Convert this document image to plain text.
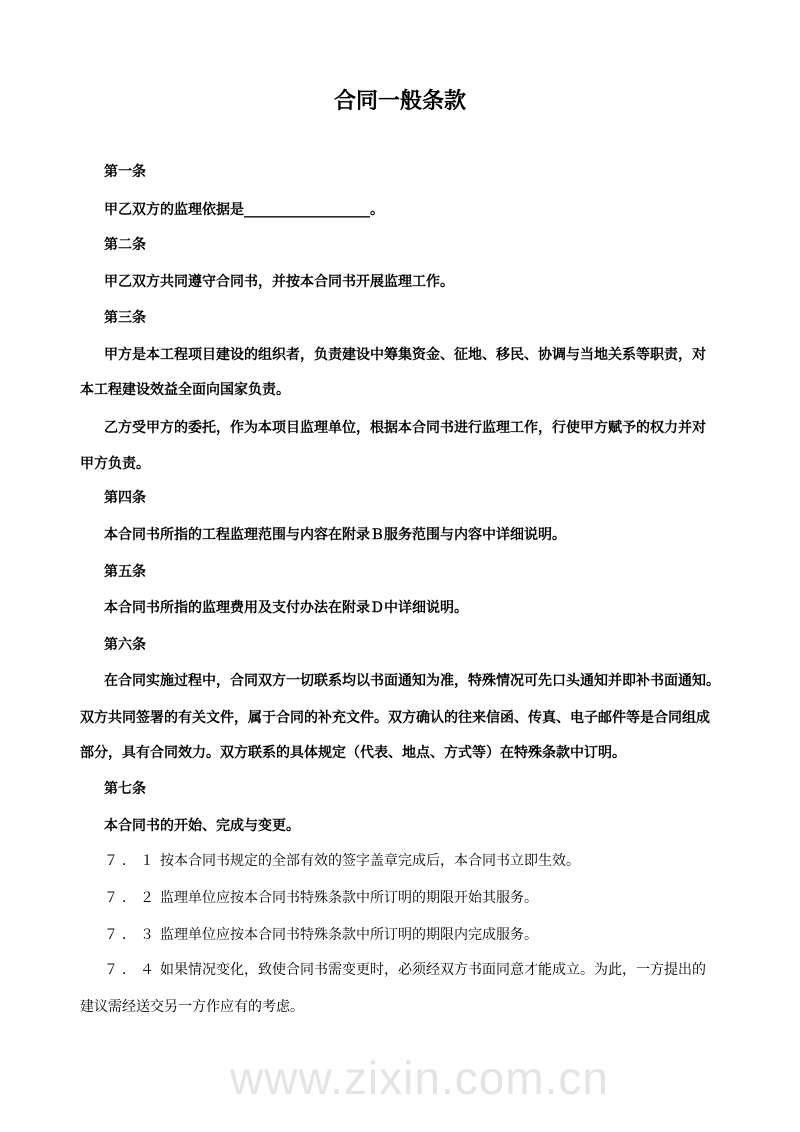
合同一般条款
第一条
甲乙双方的监理依据是__________________。
第二条
甲乙双方共同遵守合同书，并按本合同书开展监理工作。
第三条
甲方是本工程项目建设的组织者，负责建设中筹集资金、征地、移民、协调与当地关系等职责，对
本工程建设效益全面向国家负责。
乙方受甲方的委托，作为本项目监理单位，根据本合同书进行监理工作，行使甲方赋予的权力并对
甲方负责。
第四条
本合同书所指的工程监理范围与内容在附录Ｂ服务范围与内容中详细说明。
第五条
本合同书所指的监理费用及支付办法在附录Ｄ中详细说明。
第六条
在合同实施过程中，合同双方一切联系均以书面通知为准，特殊情况可先口头通知并即补书面通知。
双方共同签署的有关文件，属于合同的补充文件。双方确认的往来信函、传真、电子邮件等是合同组成
部分，具有合同效力。双方联系的具体规定（代表、地点、方式等）在特殊条款中订明。
第七条
本合同书的开始、完成与变更。
７．１ 按本合同书规定的全部有效的签字盖章完成后，本合同书立即生效。
７．２ 监理单位应按本合同书特殊条款中所订明的期限开始其服务。
７．３ 监理单位应按本合同书特殊条款中所订明的期限内完成服务。
７．４ 如果情况变化，致使合同书需变更时，必须经双方书面同意才能成立。为此，一方提出的
建议需经送交另一方作应有的考虑。
www.zixin.com.cn
